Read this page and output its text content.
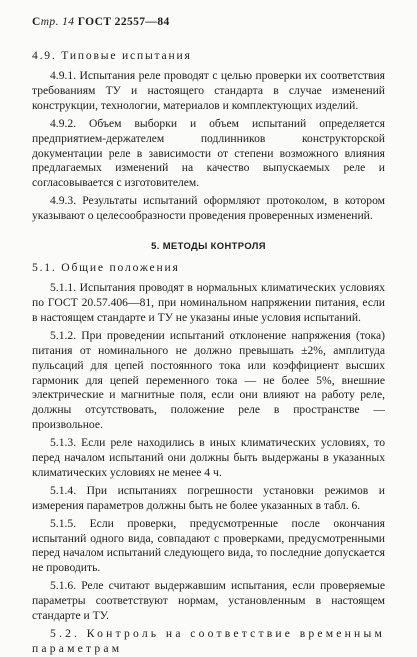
Стр. 14 ГОСТ 22557—84
4.9. Типовые испытания

4.9.1. Испытания реле проводят с целью проверки их соответствия требованиям ТУ и настоящего стандарта в случае изменений конструкции, технологии, материалов и комплектующих изделий.

4.9.2. Объем выборки и объем испытаний определяется предприятием-держателем подлинников конструкторской документации реле в зависимости от степени возможного влияния предлагаемых изменений на качество выпускаемых реле и согласовывается с изготовителем.

4.9.3. Результаты испытаний оформляют протоколом, в котором указывают о целесообразности проведения проверенных изменений.

5. МЕТОДЫ КОНТРОЛЯ
5.1. Общие положения

5.1.1. Испытания проводят в нормальных климатических условиях по ГОСТ 20.57.406—81, при номинальном напряжении питания, если в настоящем стандарте и ТУ не указаны иные условия испытаний.

5.1.2. При проведении испытаний отклонение напряжения (тока) питания от номинального не должно превышать ±2%, амплитуда пульсаций для цепей постоянного тока или коэффициент высших гармоник для цепей переменного тока — не более 5%, внешние электрические и магнитные поля, если они влияют на работу реле, должны отсутствовать, положение реле в пространстве — произвольное.

5.1.3. Если реле находились в иных климатических условиях, то перед началом испытаний они должны быть выдержаны в указанных климатических условиях не менее 4 ч.

5.1.4. При испытаниях погрешности установки режимов и измерения параметров должны быть не более указанных в табл. 6.

5.1.5. Если проверки, предусмотренные после окончания испытаний одного вида, совпадают с проверками, предусмотренными перед началом испытаний следующего вида, то последние допускается не проводить.

5.1.6. Реле считают выдержавшим испытания, если проверяемые параметры соответствуют нормам, установленным в настоящем стандарте и ТУ.

5.2. Контроль на соответствие временным параметрам
